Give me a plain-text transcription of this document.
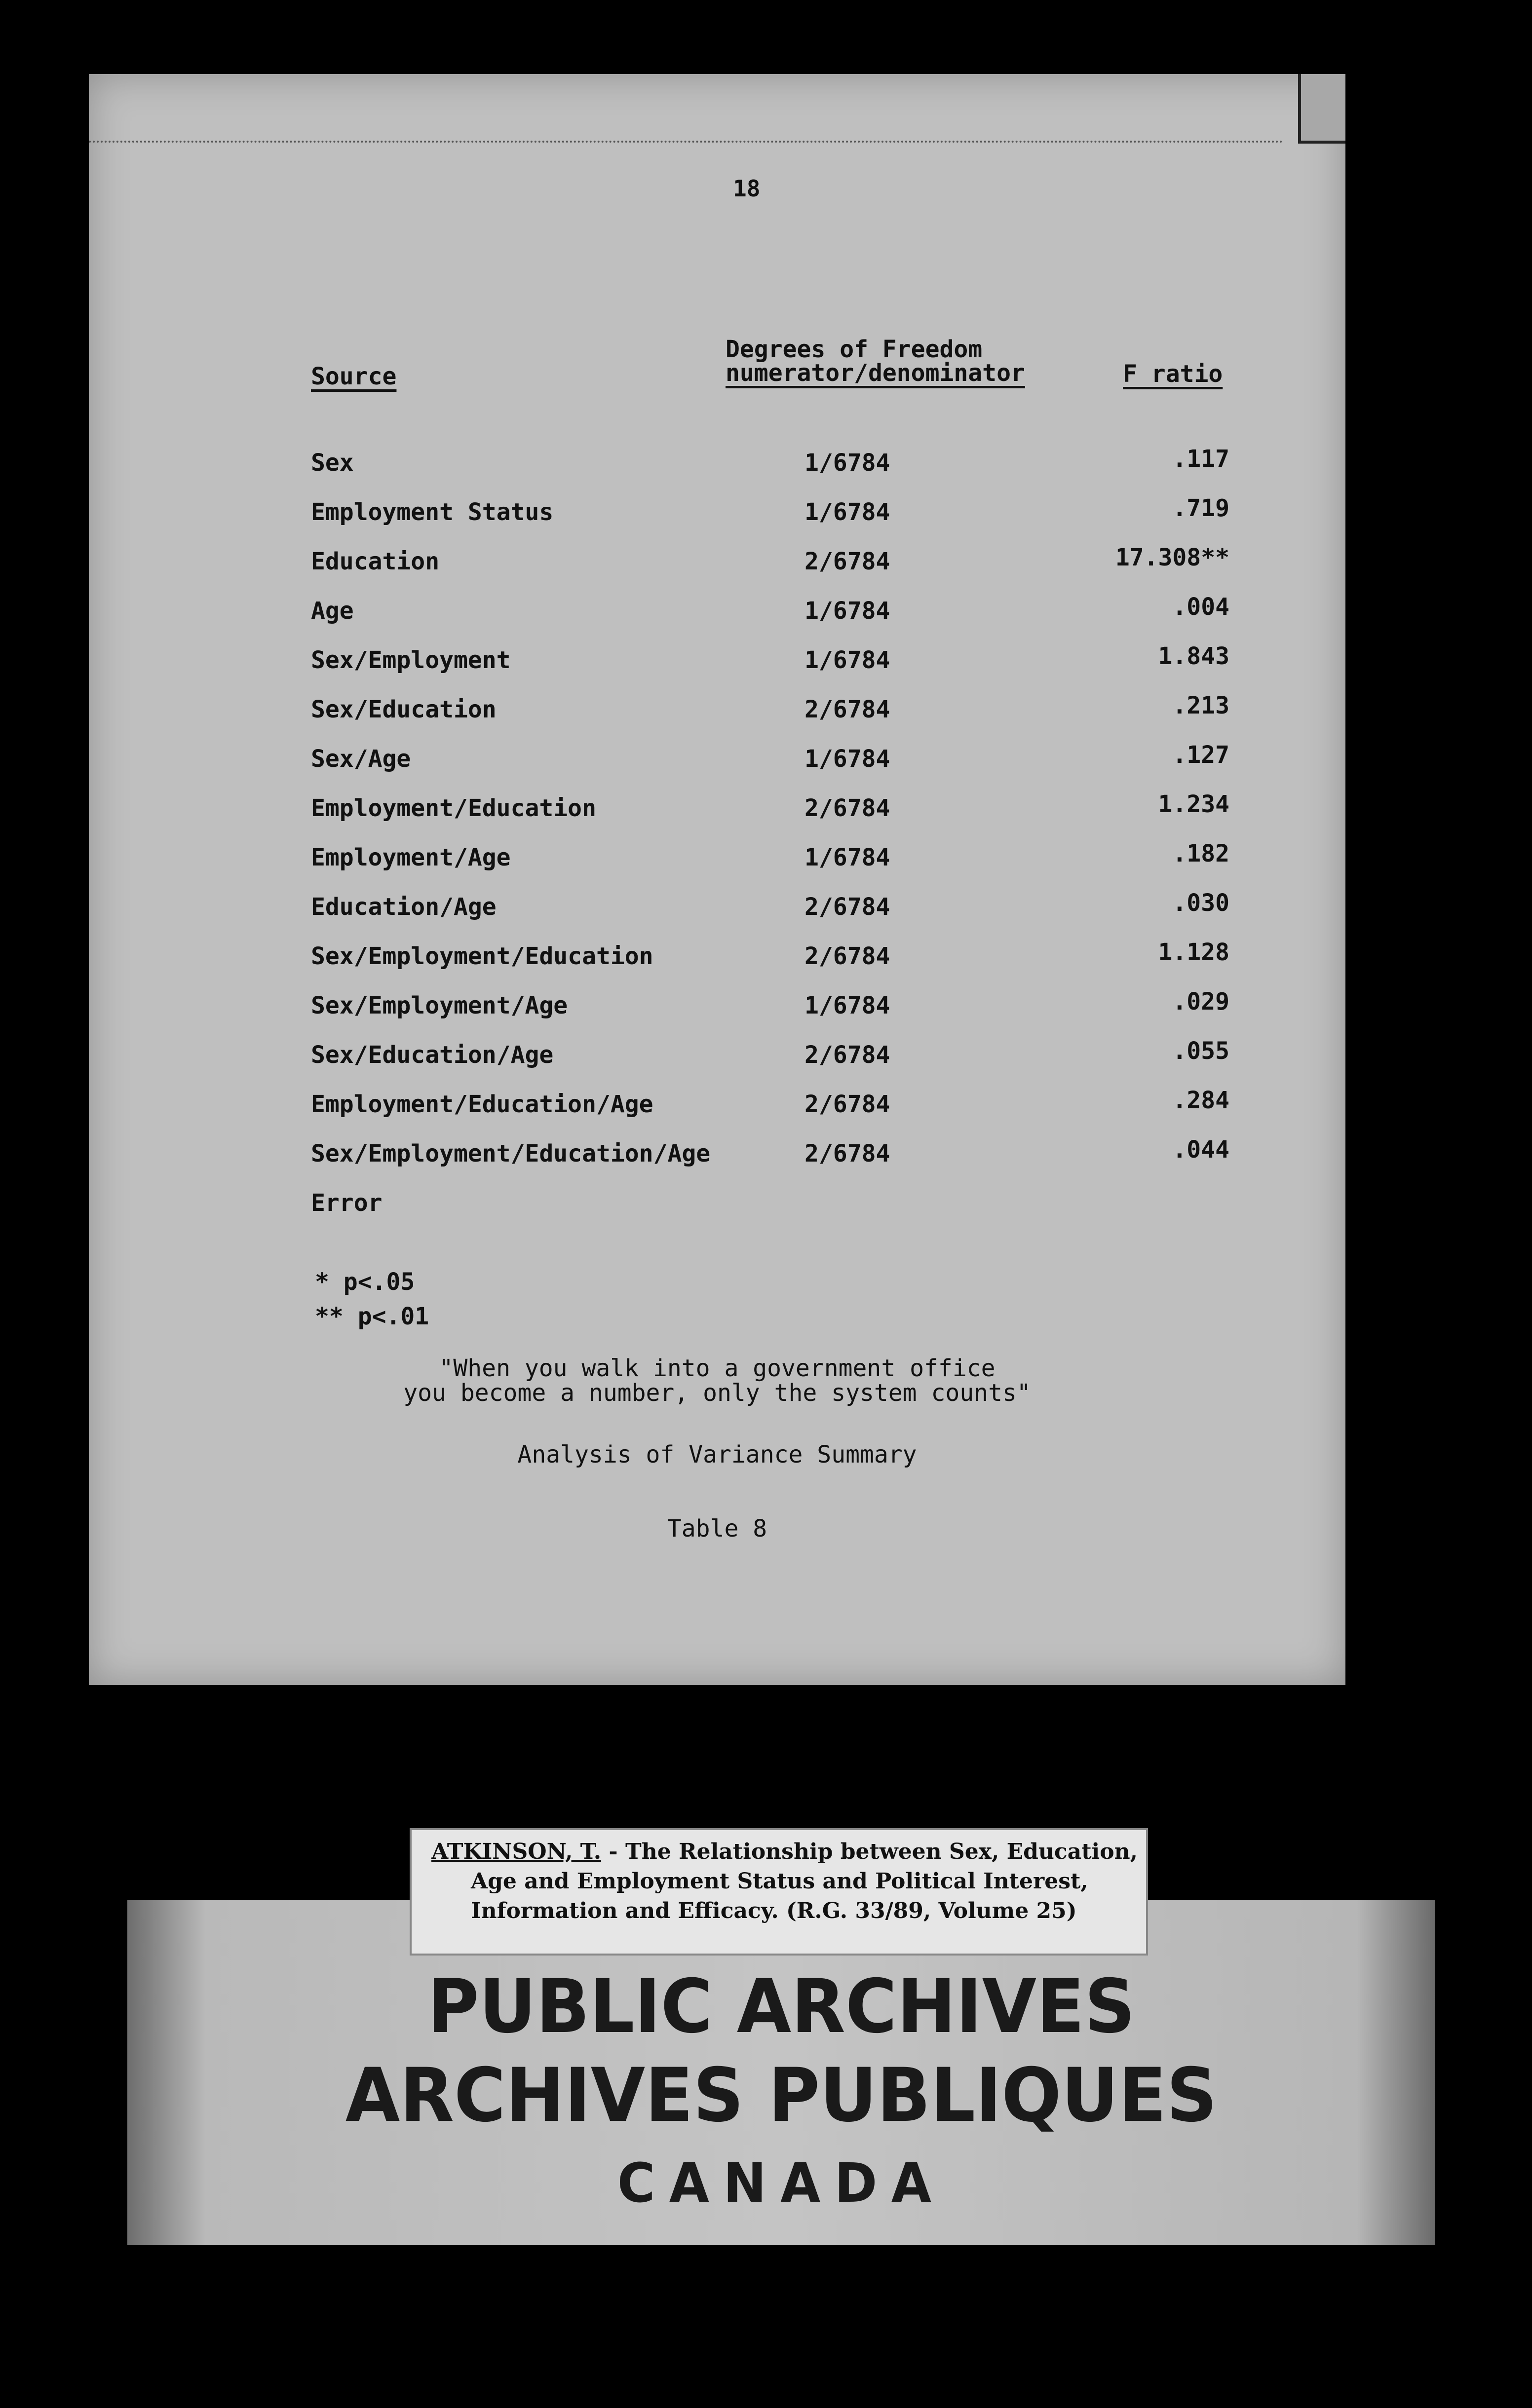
18
Source
Degrees of Freedom
numerator/denominator	F ratio
Sex	1/6784	.117
Employment Status	1/6784	.719
Education	2/6784	17.308**
Age	1/6784	.004
Sex/Employment	1/6784	1.843
Sex/Education	2/6784	.213
Sex/Age	1/6784	.127
Employment/Education	2/6784	1.234
Employment/Age	1/6784	.182
Education/Age	2/6784	.030
Sex/Employment/Education	2/6784	1.128
Sex/Employment/Age	1/6784	.029
Sex/Education/Age	2/6784	.055
Employment/Education/Age	2/6784	.284
Sex/Employment/Education/Age	2/6784	.044
Error
* p<.05
** p<.01
"When you walk into a government office
you become a number, only the system counts"
Analysis of Variance Summary
Table 8
PUBLIC ARCHIVES
ARCHIVES PUBLIQUES
CANADA
ATKINSON, T. - The Relationship between Sex, Education,
Age and Employment Status and Political Interest,
Information and Efficacy. (R.G. 33/89, Volume 25)
